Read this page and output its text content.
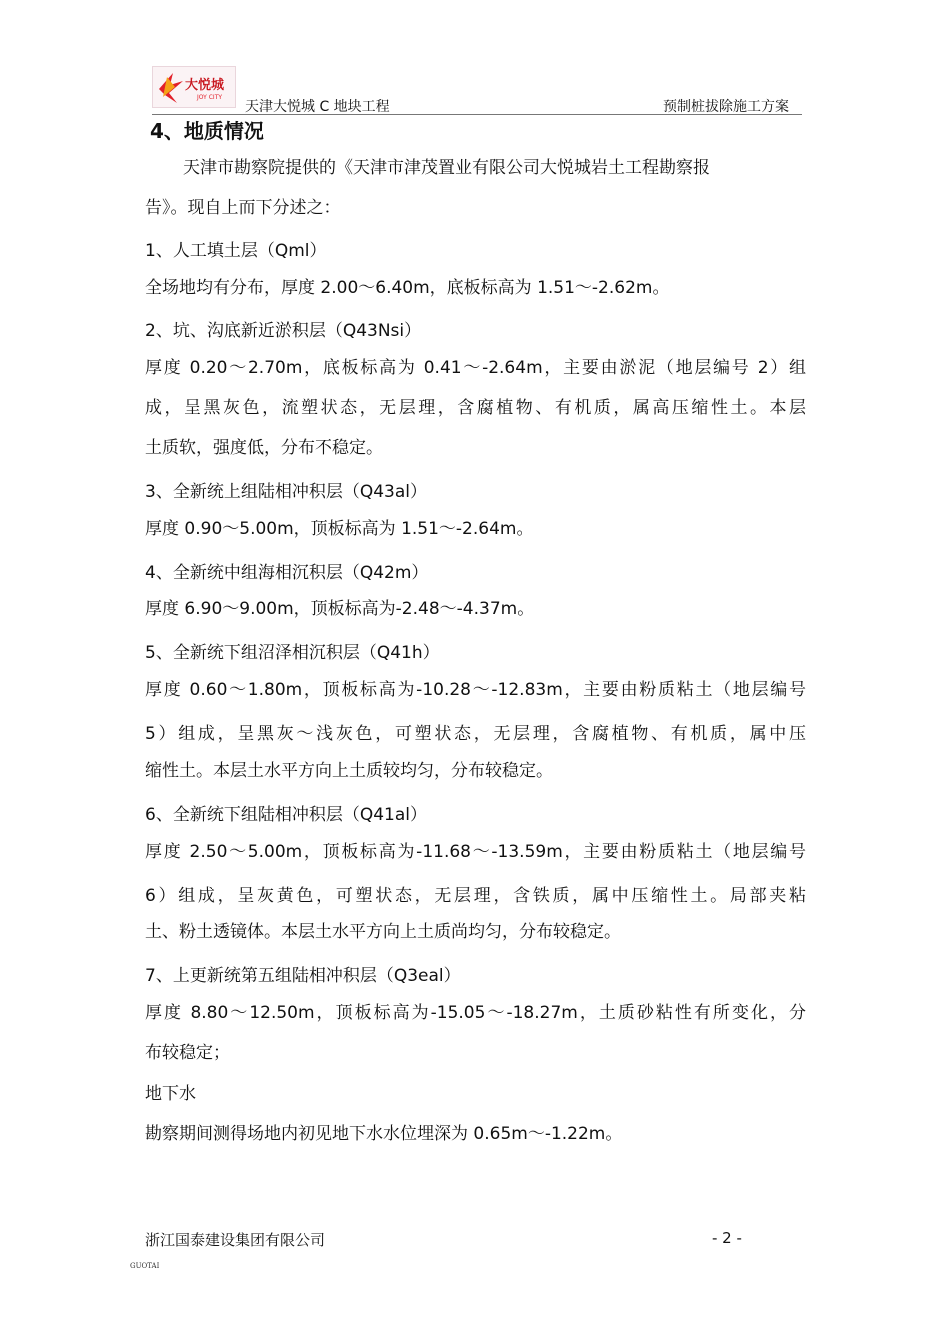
大悦城
JOY CITY
天津大悦城 C 地块工程	预制桩拔除施工方案
4、地质情况
天津市勘察院提供的《天津市津茂置业有限公司大悦城岩土工程勘察报
告》。现自上而下分述之：
1、人工填土层（Qml）
全场地均有分布，厚度 2.00～6.40m，底板标高为 1.51～-2.62m。
2、坑、沟底新近淤积层（Q43Nsi）
厚度 0.20～2.70m，底板标高为 0.41～-2.64m，主要由淤泥（地层编号 2）组
成，呈黑灰色，流塑状态，无层理，含腐植物、有机质，属高压缩性土。本层
土质软，强度低，分布不稳定。
3、全新统上组陆相冲积层（Q43al）
厚度 0.90～5.00m，顶板标高为 1.51～-2.64m。
4、全新统中组海相沉积层（Q42m）
厚度 6.90～9.00m，顶板标高为-2.48～-4.37m。
5、全新统下组沼泽相沉积层（Q41h）
厚度 0.60～1.80m，顶板标高为-10.28～-12.83m，主要由粉质粘土（地层编号
5）组成，呈黑灰～浅灰色，可塑状态，无层理，含腐植物、有机质，属中压
缩性土。本层土水平方向上土质较均匀，分布较稳定。
6、全新统下组陆相冲积层（Q41al）
厚度 2.50～5.00m，顶板标高为-11.68～-13.59m，主要由粉质粘土（地层编号
6）组成，呈灰黄色，可塑状态，无层理，含铁质，属中压缩性土。局部夹粘
土、粉土透镜体。本层土水平方向上土质尚均匀，分布较稳定。
7、上更新统第五组陆相冲积层（Q3eal）
厚度 8.80～12.50m，顶板标高为-15.05～-18.27m，土质砂粘性有所变化，分
布较稳定；
地下水
勘察期间测得场地内初见地下水水位埋深为 0.65m～-1.22m。
浙江国泰建设集团有限公司	- 2 -
GUOTAI
